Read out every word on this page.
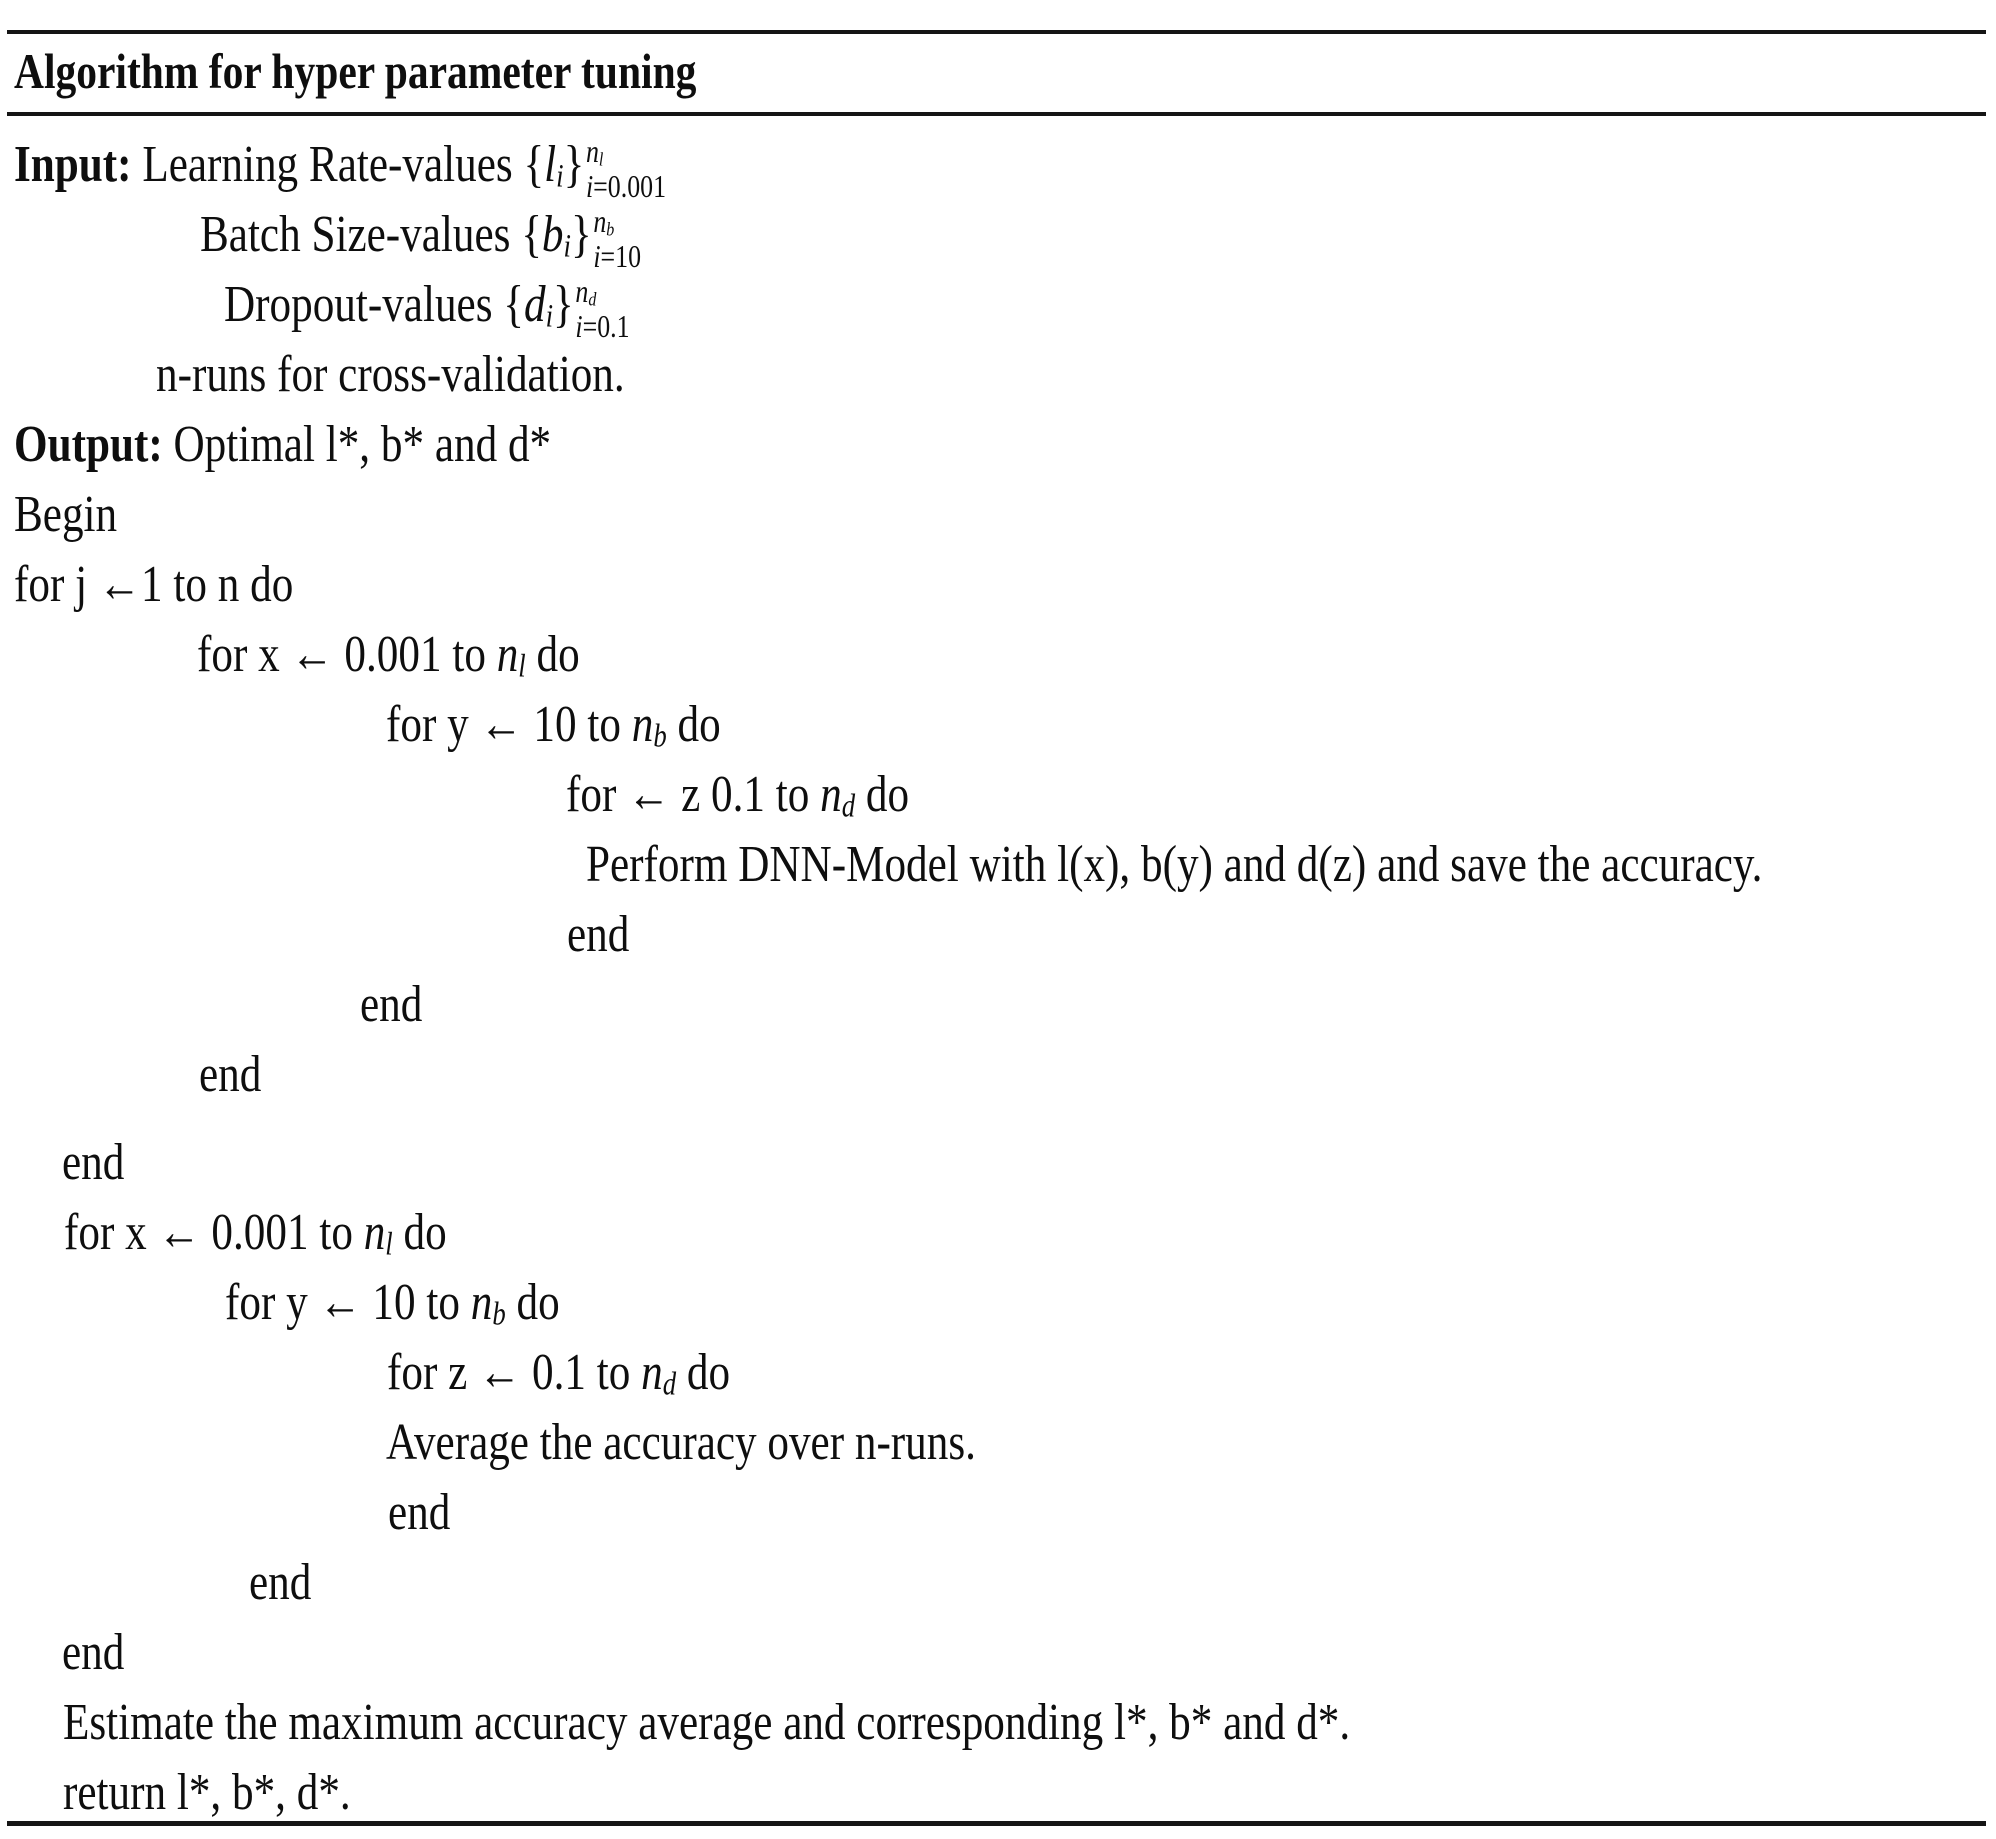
Algorithm for hyper parameter tuning
Input: Learning Rate-values {li} nl
i=0.001
Batch Size-values {bi} nb
i=10
Dropout-values {di} nd
i=0.1
n-runs for cross-validation.
Output: Optimal l*, b* and d*
Begin
for j ←1 to n do
for x ← 0.001 to nl do
for y ← 10 to nb do
for ← z 0.1 to nd do
Perform DNN-Model with l(x), b(y) and d(z) and save the accuracy.
end
end
end
end
for x ← 0.001 to nl do
for y ← 10 to nb do
for z ← 0.1 to nd do
Average the accuracy over n-runs.
end
end
end
Estimate the maximum accuracy average and corresponding l*, b* and d*.
return l*, b*, d*.
